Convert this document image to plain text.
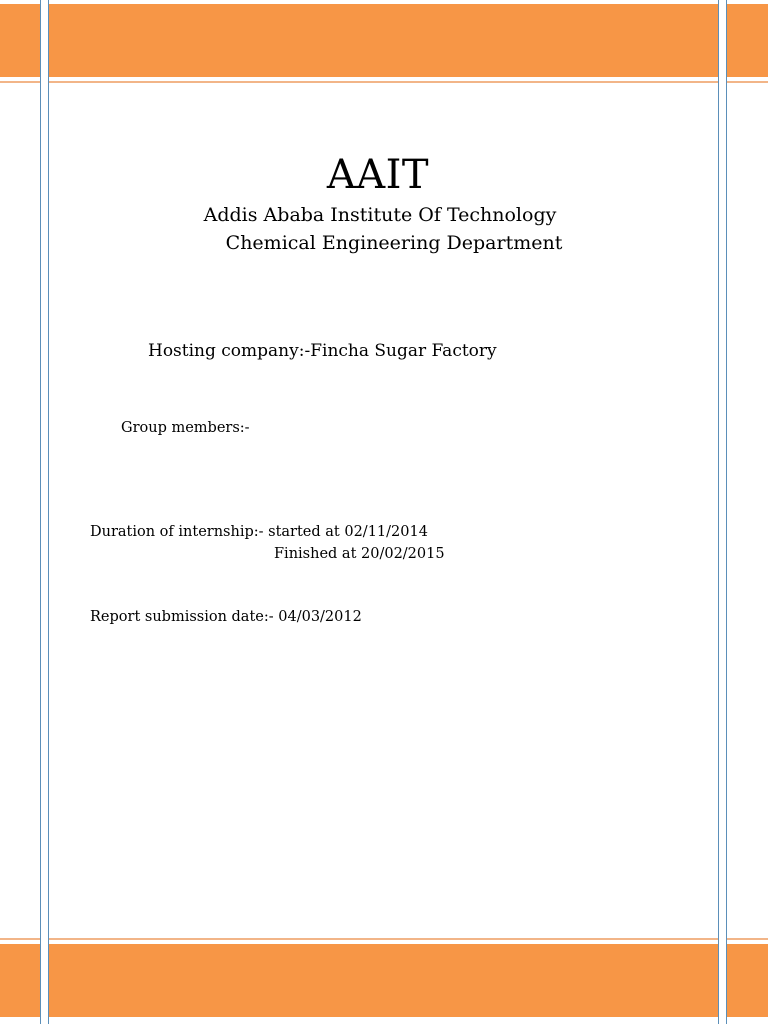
AAIT
Addis Ababa Institute Of Technology
Chemical Engineering Department
Hosting company:-Fincha Sugar Factory
Group members:-
Duration of internship:- started at 02/11/2014
Finished at 20/02/2015
Report submission date:- 04/03/2012
